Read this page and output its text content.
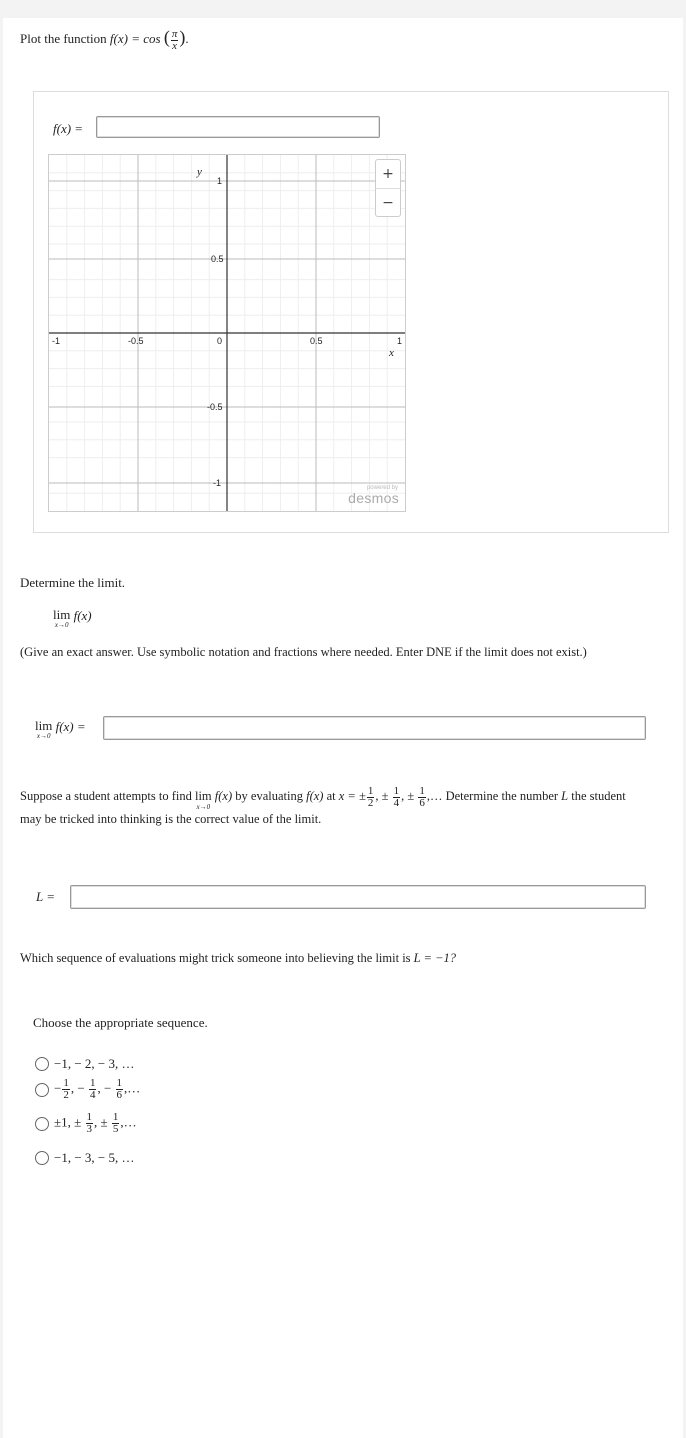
Plot the function f(x) = cos ( $\frac{\pi}{x}$ ).
f(x) =
-1	-0.5	0	0.5	1
1
0.5
-0.5
-1
x
y	+
−
powered by
desmos
Determine the limit.
lim
x→0
f(x)
(Give an exact answer. Use symbolic notation and fractions where needed. Enter DNE if the limit does not exist.)
lim
x→0
f(x) =
Suppose a student attempts to find lim
x→0
f(x) by evaluating f(x) at x = ± $\frac{1}{2}$ , ± $\frac{1}{4}$ , ± $\frac{1}{6}$ ,… Determine the number L the student
may be tricked into thinking is the correct value of the limit.
L =
Which sequence of evaluations might trick someone into believing the limit is L = −1?
Choose the appropriate sequence.
−1, − 2, − 3, …
− $\frac{1}{2}$ , − $\frac{1}{4}$ , − $\frac{1}{6}$ ,…
±1, ± $\frac{1}{3}$ , ± $\frac{1}{5}$ ,…
−1, − 3, − 5, …
